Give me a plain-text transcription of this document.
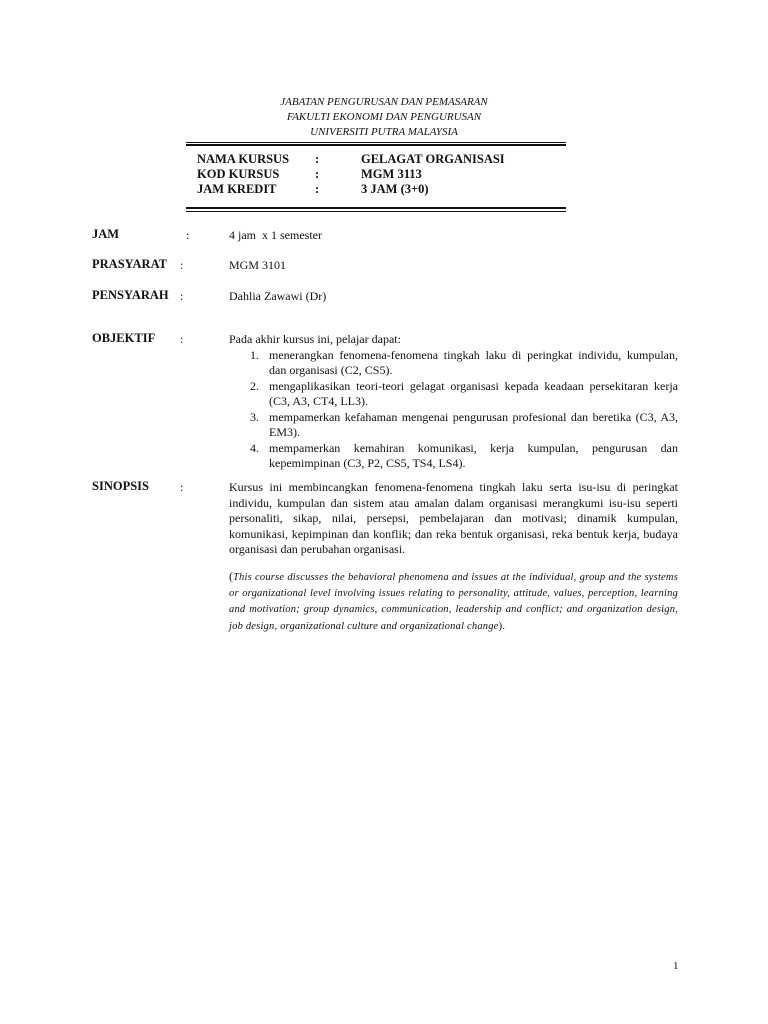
JABATAN PENGURUSAN DAN PEMASARAN
FAKULTI EKONOMI DAN PENGURUSAN
UNIVERSITI PUTRA MALAYSIA
NAMA KURSUS	:	GELAGAT ORGANISASI
KOD KURSUS	:	MGM 3113
JAM KREDIT	:	3 JAM (3+0)
JAM	:	4 jam  x 1 semester
PRASYARAT :	MGM 3101
PENSYARAH :	Dahlia Zawawi (Dr)
OBJEKTIF :	Pada akhir kursus ini, pelajar dapat:
1. menerangkan fenomena-fenomena tingkah laku di peringkat individu, kumpulan, dan organisasi (C2, CS5).
2. mengaplikasikan teori-teori gelagat organisasi kepada keadaan persekitaran kerja (C3, A3, CT4, LL3).
3. mempamerkan kefahaman mengenai pengurusan profesional dan beretika (C3, A3, EM3).
4. mempamerkan kemahiran komunikasi, kerja kumpulan, pengurusan dan kepemimpinan (C3, P2, CS5, TS4, LS4).
SINOPSIS	:	Kursus ini membincangkan fenomena-fenomena tingkah laku serta isu-isu di peringkat individu, kumpulan dan sistem atau amalan dalam organisasi merangkumi isu-isu seperti personaliti, sikap, nilai, persepsi, pembelajaran dan motivasi; dinamik kumpulan, komunikasi, kepimpinan dan konflik; dan reka bentuk organisasi, reka bentuk kerja, budaya organisasi dan perubahan organisasi.
(This course discusses the behavioral phenomena and issues at the individual, group and the systems or organizational level involving issues relating to personality, attitude, values, perception, learning and motivation; group dynamics, communication, leadership and conflict; and organization design, job design, organizational culture and organizational change).
1
